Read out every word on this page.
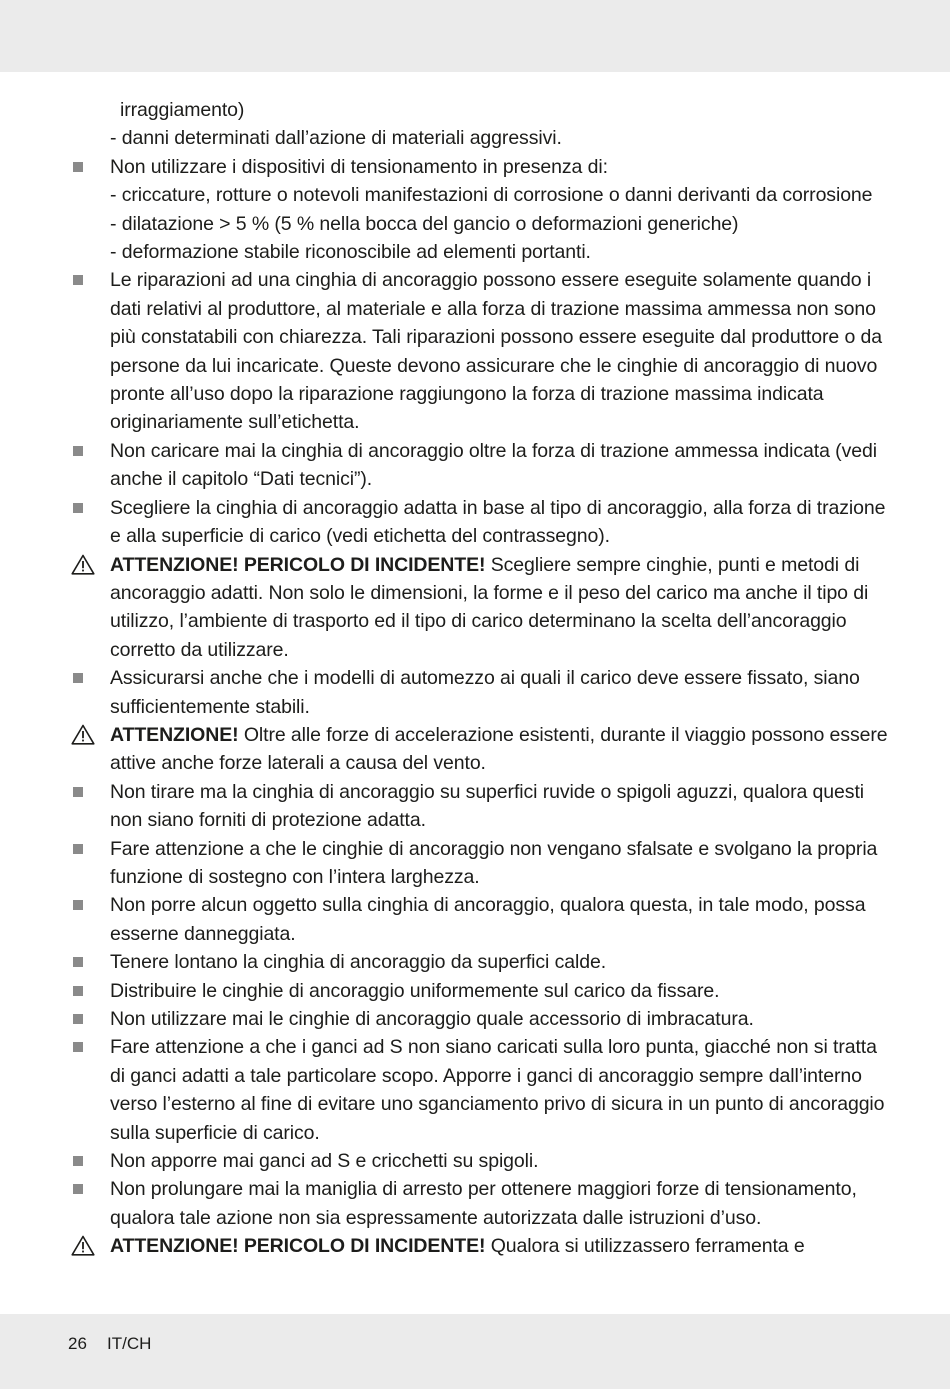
irraggiamento)
- danni determinati dall’azione di materiali aggressivi.
Non utilizzare i dispositivi di tensionamento in presenza di:
- criccature, rotture o notevoli manifestazioni di corrosione o danni derivanti da corrosione
- dilatazione > 5 % (5 % nella bocca del gancio o deformazioni generiche)
- deformazione stabile riconoscibile ad elementi portanti.
Le riparazioni ad una cinghia di ancoraggio possono essere eseguite solamente quando i dati relativi al produttore, al materiale e alla forza di trazione massima ammessa non sono più constatabili con chiarezza. Tali riparazioni possono essere eseguite dal produttore o da persone da lui incaricate. Queste devono assicurare che le cinghie di ancoraggio di nuovo pronte all’uso dopo la riparazione raggiungono la forza di trazione massima indicata originariamente sull’etichetta.
Non caricare mai la cinghia di ancoraggio oltre la forza di trazione ammessa indicata (vedi anche il capitolo “Dati tecnici”).
Scegliere la cinghia di ancoraggio adatta in base al tipo di ancoraggio, alla forza di trazione e alla superficie di carico (vedi etichetta del contrassegno).
ATTENZIONE! PERICOLO DI INCIDENTE! Scegliere sempre cinghie, punti e metodi di ancoraggio adatti. Non solo le dimensioni, la forme e il peso del carico ma anche il tipo di utilizzo, l’ambiente di trasporto ed il tipo di carico determinano la scelta dell’ancoraggio corretto da utilizzare.
Assicurarsi anche che i modelli di automezzo ai quali il carico deve essere fissato, siano sufficientemente stabili.
ATTENZIONE! Oltre alle forze di accelerazione esistenti, durante il viaggio possono essere attive anche forze laterali a causa del vento.
Non tirare ma la cinghia di ancoraggio su superfici ruvide o spigoli aguzzi, qualora questi non siano forniti di protezione adatta.
Fare attenzione a che le cinghie di ancoraggio non vengano sfalsate e svolgano la propria funzione di sostegno con l’intera larghezza.
Non porre alcun oggetto sulla cinghia di ancoraggio, qualora questa, in tale modo, possa esserne danneggiata.
Tenere lontano la cinghia di ancoraggio da superfici calde.
Distribuire le cinghie di ancoraggio uniformemente sul carico da fissare.
Non utilizzare mai le cinghie di ancoraggio quale accessorio di imbracatura.
Fare attenzione a che i ganci ad S non siano caricati sulla loro punta, giacché non si tratta di ganci adatti a tale particolare scopo. Apporre i ganci di ancoraggio sempre dall’interno verso l’esterno al fine di evitare uno sganciamento privo di sicura in un punto di ancoraggio sulla superficie di carico.
Non apporre mai ganci ad S e cricchetti su spigoli.
Non prolungare mai la maniglia di arresto per ottenere maggiori forze di tensionamento, qualora tale azione non sia espressamente autorizzata dalle istruzioni d’uso.
ATTENZIONE! PERICOLO DI INCIDENTE! Qualora si utilizzassero ferramenta e
26 IT/CH
